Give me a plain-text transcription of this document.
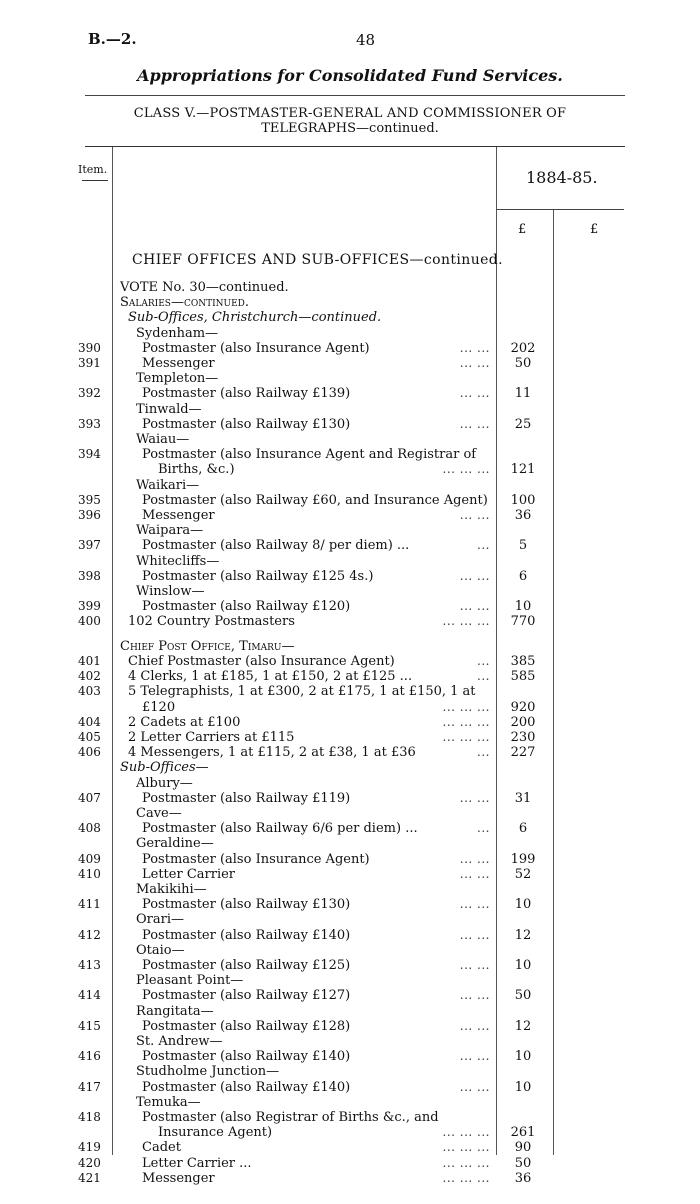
B.—2.	48
Appropriations for Consolidated Fund Services.
CLASS V.—POSTMASTER-GENERAL AND COMMISSIONER OF
TELEGRAPHS—continued.
Item.	1884-85.
£	£
CHIEF OFFICES AND SUB-OFFICES—continued.
VOTE No. 30—continued.
Salaries—continued.
Sub-Offices, Christchurch—continued.
Sydenham—
390	Postmaster (also Insurance Agent)	... ...	202
391	Messenger	... ...	50
Templeton—
392	Postmaster (also Railway £139)	... ...	11
Tinwald—
393	Postmaster (also Railway £130)	... ...	25
Waiau—
394	Postmaster (also Insurance Agent and Registrar of
Births, &c.)	... ... ...	121
Waikari—
395	Postmaster (also Railway £60, and Insurance Agent)	100
396	Messenger	... ...	36
Waipara—
397	Postmaster (also Railway 8/ per diem) ...	...	5
Whitecliffs—
398	Postmaster (also Railway £125 4s.)	... ...	6
Winslow—
399	Postmaster (also Railway £120)	... ...	10
400	102 Country Postmasters	... ... ...	770
Chief Post Office, Timaru—
401	Chief Postmaster (also Insurance Agent)	...	385
402	4 Clerks, 1 at £185, 1 at £150, 2 at £125 ...	...	585
403	5 Telegraphists, 1 at £300, 2 at £175, 1 at £150, 1 at
£120	... ... ...	920
404	2 Cadets at £100	... ... ...	200
405	2 Letter Carriers at £115	... ... ...	230
406	4 Messengers, 1 at £115, 2 at £38, 1 at £36	...	227
Sub-Offices—
Albury—
407	Postmaster (also Railway £119)	... ...	31
Cave—
408	Postmaster (also Railway 6/6 per diem) ...	...	6
Geraldine—
409	Postmaster (also Insurance Agent)	... ...	199
410	Letter Carrier	... ...	52
Makikihi—
411	Postmaster (also Railway £130)	... ...	10
Orari—
412	Postmaster (also Railway £140)	... ...	12
Otaio—
413	Postmaster (also Railway £125)	... ...	10
Pleasant Point—
414	Postmaster (also Railway £127)	... ...	50
Rangitata—
415	Postmaster (also Railway £128)	... ...	12
St. Andrew—
416	Postmaster (also Railway £140)	... ...	10
Studholme Junction—
417	Postmaster (also Railway £140)	... ...	10
Temuka—
418	Postmaster (also Registrar of Births &c., and
Insurance Agent)	... ... ...	261
419	Cadet	... ... ...	90
420	Letter Carrier ...	... ... ...	50
421	Messenger	... ... ...	36
